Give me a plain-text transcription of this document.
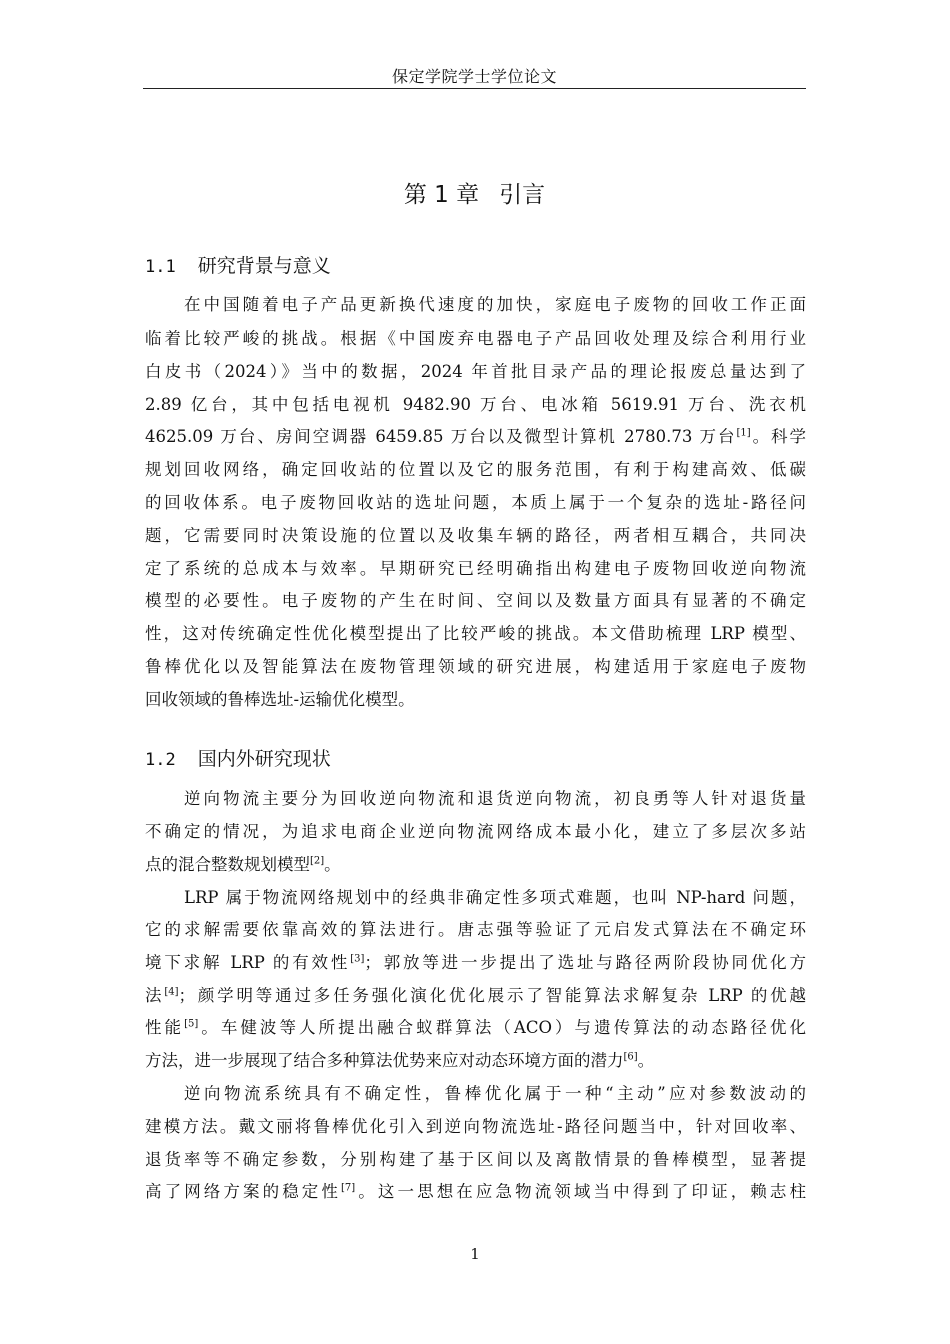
保定学院学士学位论文
第 1 章 引言
1.1 研究背景与意义
在中国随着电子产品更新换代速度的加快，家庭电子废物的回收工作正面
临着比较严峻的挑战。根据《中国废弃电器电子产品回收处理及综合利用行业
白皮书（2024）》当中的数据，2024 年首批目录产品的理论报废总量达到了
2.89 亿台，其中包括电视机 9482.90 万台、电冰箱 5619.91 万台、洗衣机
4625.09 万台、房间空调器 6459.85 万台以及微型计算机 2780.73 万台[1]。科学
规划回收网络，确定回收站的位置以及它的服务范围，有利于构建高效、低碳
的回收体系。电子废物回收站的选址问题，本质上属于一个复杂的选址-路径问
题，它需要同时决策设施的位置以及收集车辆的路径，两者相互耦合，共同决
定了系统的总成本与效率。早期研究已经明确指出构建电子废物回收逆向物流
模型的必要性。电子废物的产生在时间、空间以及数量方面具有显著的不确定
性，这对传统确定性优化模型提出了比较严峻的挑战。本文借助梳理 LRP 模型、
鲁棒优化以及智能算法在废物管理领域的研究进展，构建适用于家庭电子废物
回收领域的鲁棒选址-运输优化模型。
1.2 国内外研究现状
逆向物流主要分为回收逆向物流和退货逆向物流，初良勇等人针对退货量
不确定的情况，为追求电商企业逆向物流网络成本最小化，建立了多层次多站
点的混合整数规划模型[2]。
LRP 属于物流网络规划中的经典非确定性多项式难题，也叫 NP-hard 问题，
它的求解需要依靠高效的算法进行。唐志强等验证了元启发式算法在不确定环
境下求解 LRP 的有效性[3]；郭放等进一步提出了选址与路径两阶段协同优化方
法[4]；颜学明等通过多任务强化演化优化展示了智能算法求解复杂 LRP 的优越
性能[5]。车健波等人所提出融合蚁群算法（ACO）与遗传算法的动态路径优化
方法，进一步展现了结合多种算法优势来应对动态环境方面的潜力[6]。
逆向物流系统具有不确定性，鲁棒优化属于一种“主动”应对参数波动的
建模方法。戴文丽将鲁棒优化引入到逆向物流选址-路径问题当中，针对回收率、
退货率等不确定参数，分别构建了基于区间以及离散情景的鲁棒模型，显著提
高了网络方案的稳定性[7]。这一思想在应急物流领域当中得到了印证，赖志柱
1
